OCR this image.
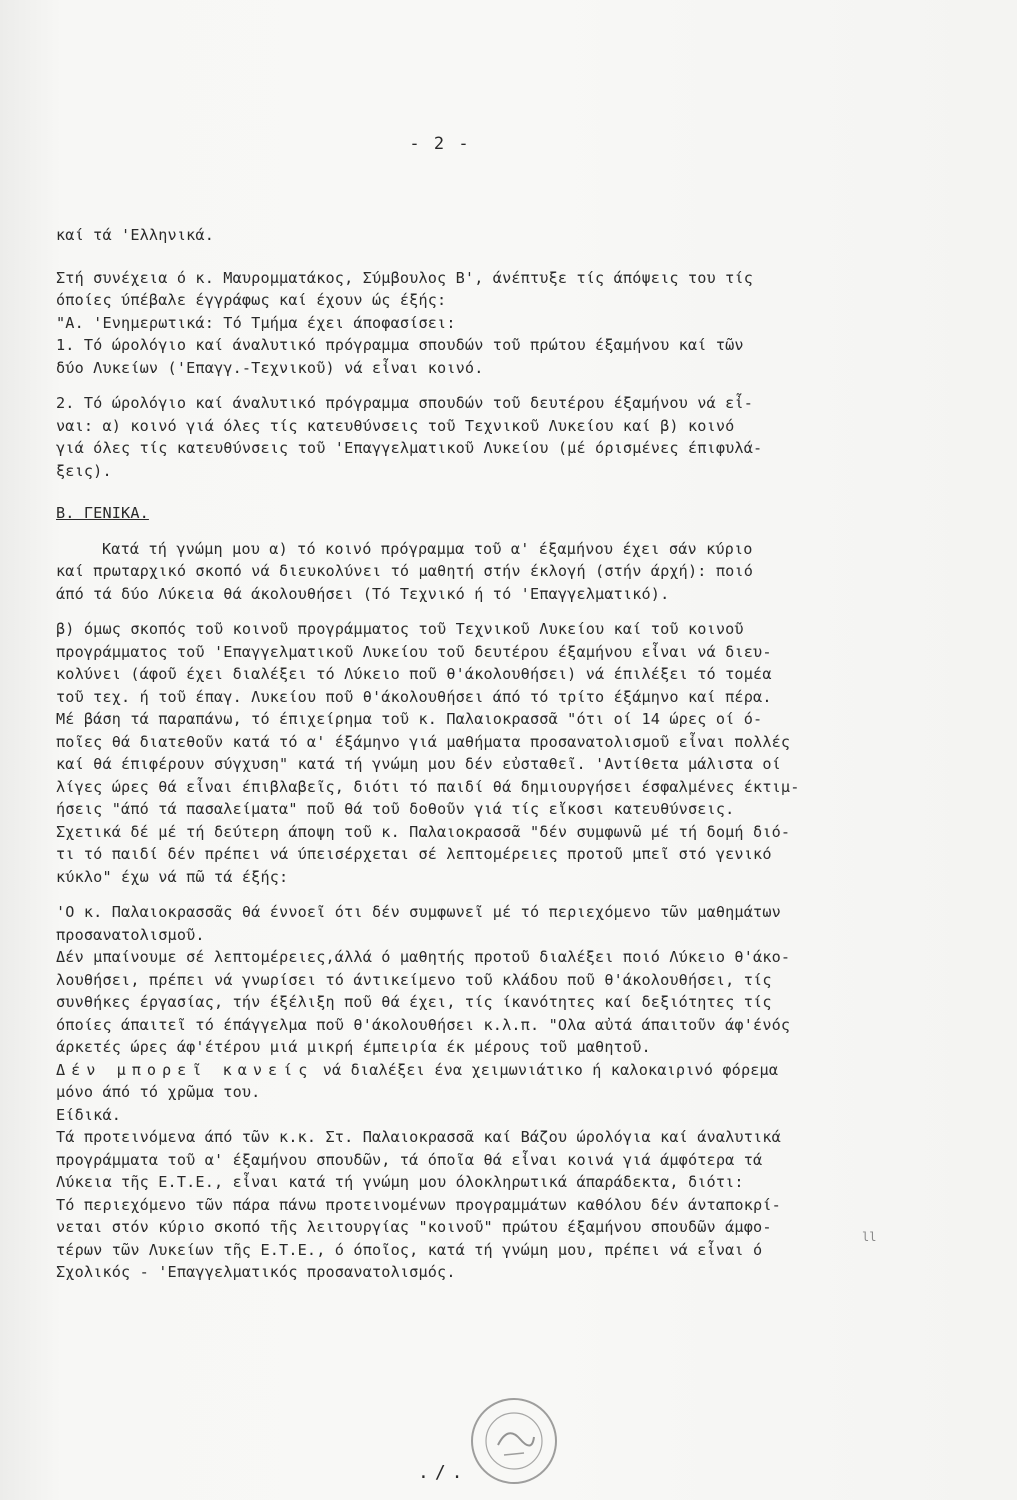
- 2 -

καί τά 'Ελληνικά.

Στή συνέχεια ό κ. Μαυρομματάκος, Σύμβουλος Β', άνέπτυξε τίς άπόψεις του τίς

όποίες ύπέβαλε έγγράφως καί έχουν ώς έξής:

"Α. 'Ενημερωτικά: Τό Τμήμα έχει άποφασίσει:

1. Τό ώρολόγιο καί άναλυτικό πρόγραμμα σπουδών τοῦ πρώτου έξαμήνου καί τῶν

δύο Λυκείων ('Επαγγ.-Τεχνικοῦ) νά εἶναι κοινό.

2. Τό ώρολόγιο καί άναλυτικό πρόγραμμα σπουδών τοῦ δευτέρου έξαμήνου νά εἶ-

ναι: α) κοινό γιά όλες τίς κατευθύνσεις τοῦ Τεχνικοῦ Λυκείου καί β) κοινό

γιά όλες τίς κατευθύνσεις τοῦ 'Επαγγελματικοῦ Λυκείου (μέ όρισμένες έπιφυλά-

ξεις).

Β. ΓΕΝΙΚΑ.

Κατά τή γνώμη μου α) τό κοινό πρόγραμμα τοῦ α' έξαμήνου έχει σάν κύριο

καί πρωταρχικό σκοπό νά διευκολύνει τό μαθητή στήν έκλογή (στήν άρχή): ποιό

άπό τά δύο Λύκεια θά άκολουθήσει (Τό Τεχνικό ή τό 'Επαγγελματικό).

β) όμως σκοπός τοῦ κοινοῦ προγράμματος τοῦ Τεχνικοῦ Λυκείου καί τοῦ κοινοῦ

προγράμματος τοῦ 'Επαγγελματικοῦ Λυκείου τοῦ δευτέρου έξαμήνου εἶναι νά διευ-

κολύνει (άφοῦ έχει διαλέξει τό Λύκειο ποῦ θ'άκολουθήσει) νά έπιλέξει τό τομέα

τοῦ τεχ. ή τοῦ έπαγ. Λυκείου ποῦ θ'άκολουθήσει άπό τό τρίτο έξάμηνο καί πέρα.

Μέ βάση τά παραπάνω, τό έπιχείρημα τοῦ κ. Παλαιοκρασσᾶ "ότι οί 14 ώρες οί ό-

ποῖες θά διατεθοῦν κατά τό α' έξάμηνο γιά μαθήματα προσανατολισμοῦ εἶναι πολλές

καί θά έπιφέρουν σύγχυση" κατά τή γνώμη μου δέν εὐσταθεῖ. 'Αντίθετα μάλιστα οί

λίγες ώρες θά εἶναι έπιβλαβεῖς, διότι τό παιδί θά δημιουργήσει έσφαλμένες έκτιμ-

ήσεις "άπό τά πασαλείματα" ποῦ θά τοῦ δοθοῦν γιά τίς εἴκοσι κατευθύνσεις.

Σχετικά δέ μέ τή δεύτερη άποψη τοῦ κ. Παλαιοκρασσᾶ "δέν συμφωνῶ μέ τή δομή διό-

τι τό παιδί δέν πρέπει νά ύπεισέρχεται σέ λεπτομέρειες προτοῦ μπεῖ στό γενικό

κύκλο" έχω νά πῶ τά έξής:

'Ο κ. Παλαιοκρασσᾶς θά έννοεῖ ότι δέν συμφωνεῖ μέ τό περιεχόμενο τῶν μαθημάτων

προσανατολισμοῦ.

Δέν μπαίνουμε σέ λεπτομέρειες,άλλά ό μαθητής προτοῦ διαλέξει ποιό Λύκειο θ'άκο-

λουθήσει, πρέπει νά γνωρίσει τό άντικείμενο τοῦ κλάδου ποῦ θ'άκολουθήσει, τίς

συνθήκες έργασίας, τήν έξέλιξη ποῦ θά έχει, τίς ίκανότητες καί δεξιότητες τίς

όποίες άπαιτεῖ τό έπάγγελμα ποῦ θ'άκολουθήσει κ.λ.π. "Ολα αὐτά άπαιτοῦν άφ'ένός

άρκετές ώρες άφ'έτέρου μιά μικρή έμπειρία έκ μέρους τοῦ μαθητοῦ.

Δέν μπορεῖ κανείς νά διαλέξει ένα χειμωνιάτικο ή καλοκαιρινό φόρεμα

μόνο άπό τό χρῶμα του.

Είδικά.

Τά προτεινόμενα άπό τῶν κ.κ. Στ. Παλαιοκρασσᾶ καί Βάζου ώρολόγια καί άναλυτικά

προγράμματα τοῦ α' έξαμήνου σπουδῶν, τά όποῖα θά εἶναι κοινά γιά άμφότερα τά

Λύκεια τῆς Ε.Τ.Ε., εἶναι κατά τή γνώμη μου όλοκληρωτικά άπαράδεκτα, διότι:

Τό περιεχόμενο τῶν πάρα πάνω προτεινομένων προγραμμάτων καθόλου δέν άνταποκρί-

νεται στόν κύριο σκοπό τῆς λειτουργίας "κοινοῦ" πρώτου έξαμήνου σπουδῶν άμφο-

τέρων τῶν Λυκείων τῆς Ε.Τ.Ε., ό όποῖος, κατά τή γνώμη μου, πρέπει νά εἶναι ό

Σχολικός - 'Επαγγελματικός προσανατολισμός.

ll
./.
